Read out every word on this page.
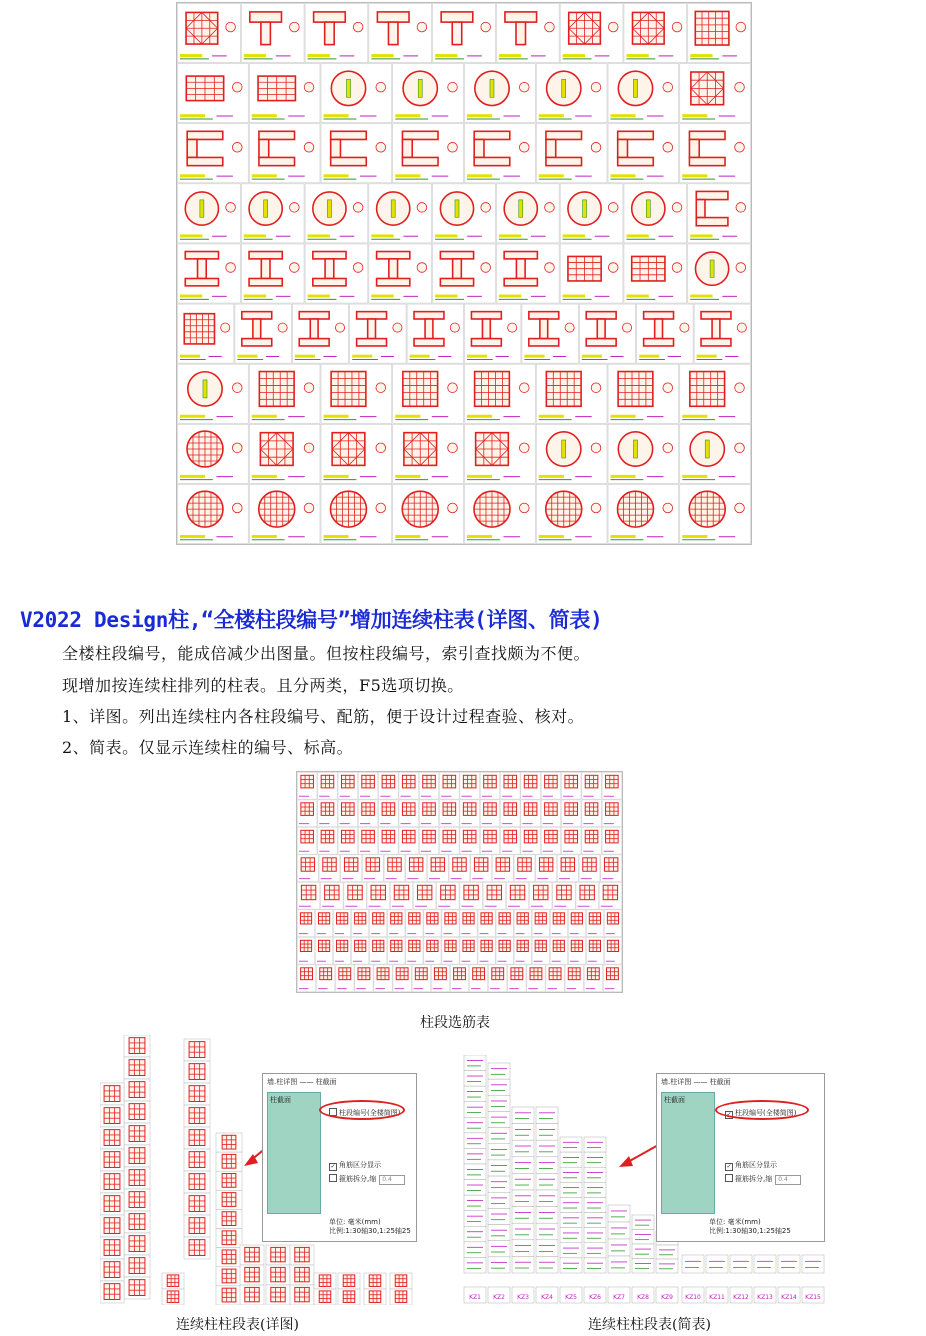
V2022 Design柱,“全楼柱段编号”增加连续柱表(详图、简表)
全楼柱段编号，能成倍减少出图量。但按柱段编号，索引查找颇为不便。
现增加按连续柱排列的柱表。且分两类，F5选项切换。
1、详图。列出连续柱内各柱段编号、配筋，便于设计过程查验、核对。
2、简表。仅显示连续柱的编号、标高。
柱段选筋表
墙.柱详图 —— 柱截面
柱截面
柱段编号(全楼简图)
✓ 角筋区分显示
箍筋拆分,缩 0.4
单位: 毫米(mm)
比例:1:30轴30,1:25轴25
连续柱柱段表(详图)
KZ1 KZ2 KZ3 KZ4 KZ5 KZ6 KZ7 KZ8 KZ9 KZ10 KZ11 KZ12 KZ13 KZ14 KZ15
墙.柱详图 —— 柱截面
柱截面
✓ 柱段编号(全楼简图)
✓ 角筋区分显示
箍筋拆分,缩 0.4
单位: 毫米(mm)
比例:1:30轴30,1:25轴25
连续柱柱段表(简表)
